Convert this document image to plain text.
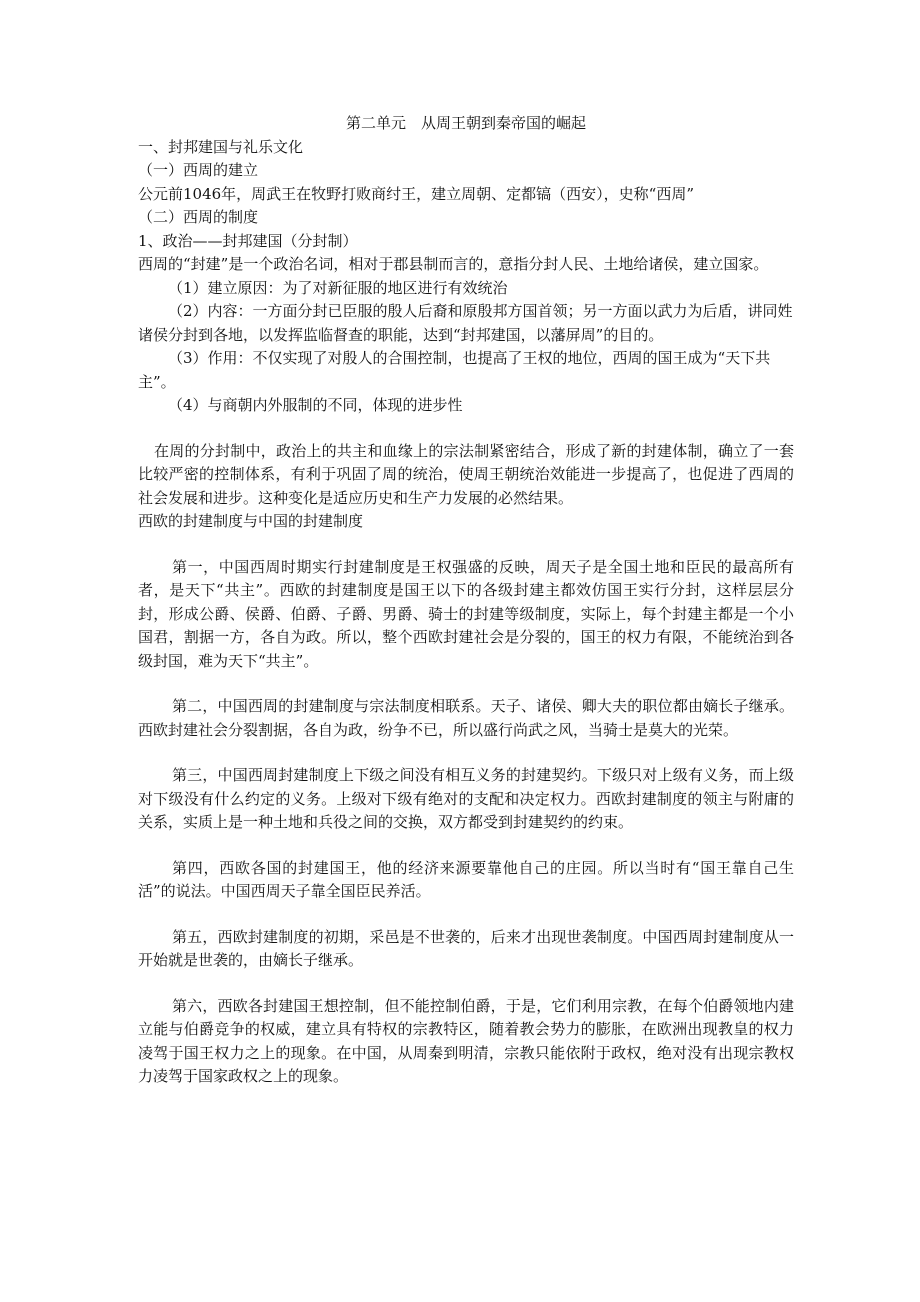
第二单元　从周王朝到秦帝国的崛起

一、封邦建国与礼乐文化

（一）西周的建立

公元前1046年，周武王在牧野打败商纣王，建立周朝、定都镐（西安），史称“西周”

（二）西周的制度

1、政治——封邦建国（分封制）

西周的“封建”是一个政治名词，相对于郡县制而言的，意指分封人民、土地给诸侯，建立国家。

（1）建立原因：为了对新征服的地区进行有效统治

（2）内容：一方面分封已臣服的殷人后裔和原殷邦方国首领；另一方面以武力为后盾，讲同姓诸侯分封到各地，以发挥监临督查的职能，达到“封邦建国，以藩屏周”的目的。

（3）作用：不仅实现了对殷人的合围控制，也提高了王权的地位，西周的国王成为“天下共主”。

（4）与商朝内外服制的不同，体现的进步性

在周的分封制中，政治上的共主和血缘上的宗法制紧密结合，形成了新的封建体制，确立了一套比较严密的控制体系，有利于巩固了周的统治，使周王朝统治效能进一步提高了，也促进了西周的社会发展和进步。这种变化是适应历史和生产力发展的必然结果。

西欧的封建制度与中国的封建制度

第一，中国西周时期实行封建制度是王权强盛的反映，周天子是全国土地和臣民的最高所有者，是天下“共主”。西欧的封建制度是国王以下的各级封建主都效仿国王实行分封，这样层层分封，形成公爵、侯爵、伯爵、子爵、男爵、骑士的封建等级制度，实际上，每个封建主都是一个小国君，割据一方，各自为政。所以，整个西欧封建社会是分裂的，国王的权力有限，不能统治到各级封国，难为天下“共主”。

第二，中国西周的封建制度与宗法制度相联系。天子、诸侯、卿大夫的职位都由嫡长子继承。西欧封建社会分裂割据，各自为政，纷争不已，所以盛行尚武之风，当骑士是莫大的光荣。

第三，中国西周封建制度上下级之间没有相互义务的封建契约。下级只对上级有义务，而上级对下级没有什么约定的义务。上级对下级有绝对的支配和决定权力。西欧封建制度的领主与附庸的关系，实质上是一种土地和兵役之间的交换，双方都受到封建契约的约束。

第四，西欧各国的封建国王，他的经济来源要靠他自己的庄园。所以当时有“国王靠自己生活”的说法。中国西周天子靠全国臣民养活。

第五，西欧封建制度的初期，采邑是不世袭的，后来才出现世袭制度。中国西周封建制度从一开始就是世袭的，由嫡长子继承。

第六，西欧各封建国王想控制，但不能控制伯爵，于是，它们利用宗教，在每个伯爵领地内建立能与伯爵竞争的权威，建立具有特权的宗教特区，随着教会势力的膨胀，在欧洲出现教皇的权力凌驾于国王权力之上的现象。在中国，从周秦到明清，宗教只能依附于政权，绝对没有出现宗教权力凌驾于国家政权之上的现象。
